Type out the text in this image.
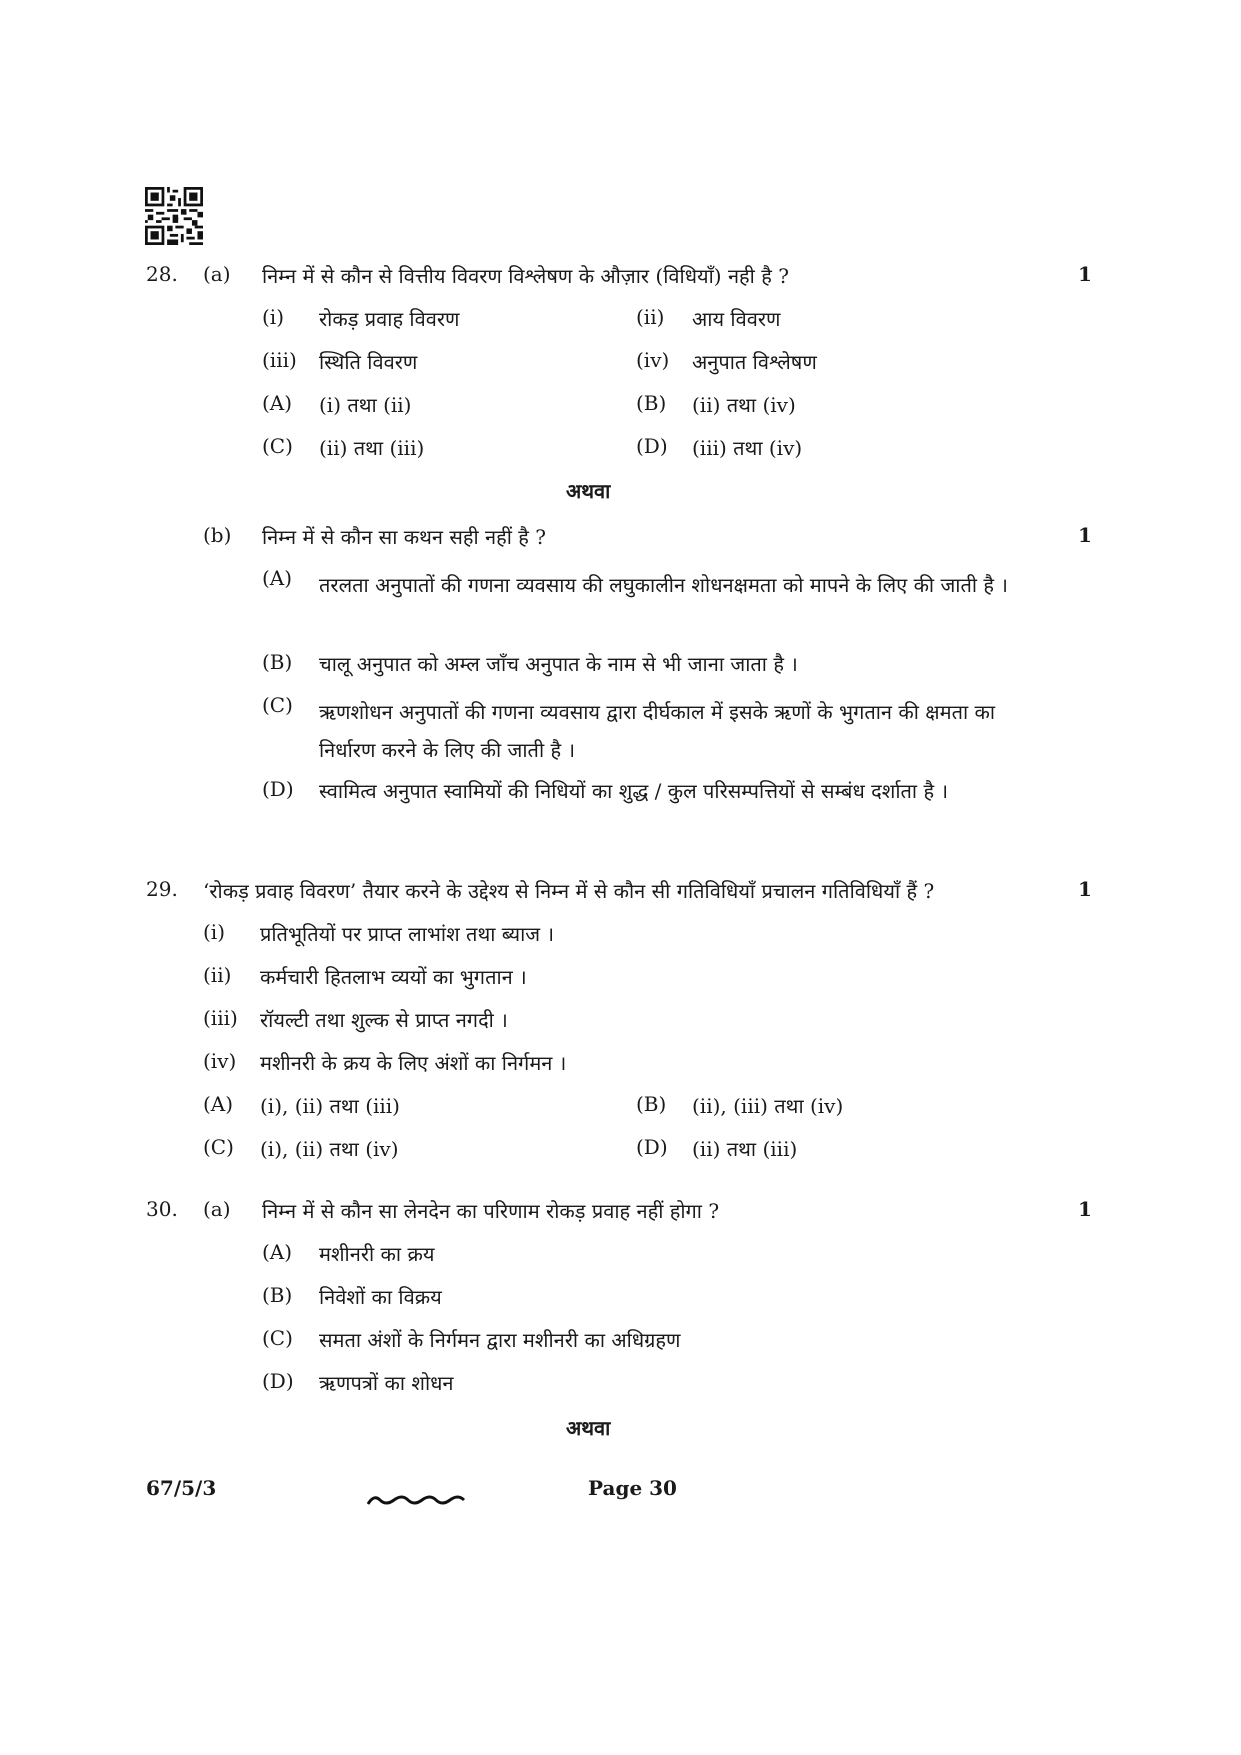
28. (a) निम्न में से कौन से वित्तीय विवरण विश्लेषण के औज़ार (विधियाँ) नही है ?	1
(i) रोकड़ प्रवाह विवरण	(ii) आय विवरण
(iii) स्थिति विवरण	(iv) अनुपात विश्लेषण
(A) (i) तथा (ii)	(B) (ii) तथा (iv)
(C) (ii) तथा (iii)	(D) (iii) तथा (iv)
अथवा
(b) निम्न में से कौन सा कथन सही नहीं है ?	1
(A) तरलता अनुपातों की गणना व्यवसाय की लघुकालीन शोधनक्षमता को मापने के लिए की जाती है ।
(B) चालू अनुपात को अम्ल जाँच अनुपात के नाम से भी जाना जाता है ।
(C) ऋणशोधन अनुपातों की गणना व्यवसाय द्वारा दीर्घकाल में इसके ऋणों के भुगतान की क्षमता का निर्धारण करने के लिए की जाती है ।
(D) स्वामित्व अनुपात स्वामियों की निधियों का शुद्ध / कुल परिसम्पत्तियों से सम्बंध दर्शाता है ।
29. ‘रोकड़ प्रवाह विवरण’ तैयार करने के उद्देश्य से निम्न में से कौन सी गतिविधियाँ प्रचालन गतिविधियाँ हैं ?	1
(i) प्रतिभूतियों पर प्राप्त लाभांश तथा ब्याज ।
(ii) कर्मचारी हितलाभ व्ययों का भुगतान ।
(iii) रॉयल्टी तथा शुल्क से प्राप्त नगदी ।
(iv) मशीनरी के क्रय के लिए अंशों का निर्गमन ।
(A) (i), (ii) तथा (iii)	(B) (ii), (iii) तथा (iv)
(C) (i), (ii) तथा (iv)	(D) (ii) तथा (iii)
30. (a) निम्न में से कौन सा लेनदेन का परिणाम रोकड़ प्रवाह नहीं होगा ?	1
(A) मशीनरी का क्रय
(B) निवेशों का विक्रय
(C) समता अंशों के निर्गमन द्वारा मशीनरी का अधिग्रहण
(D) ऋणपत्रों का शोधन
अथवा
67/5/3	Page 30
